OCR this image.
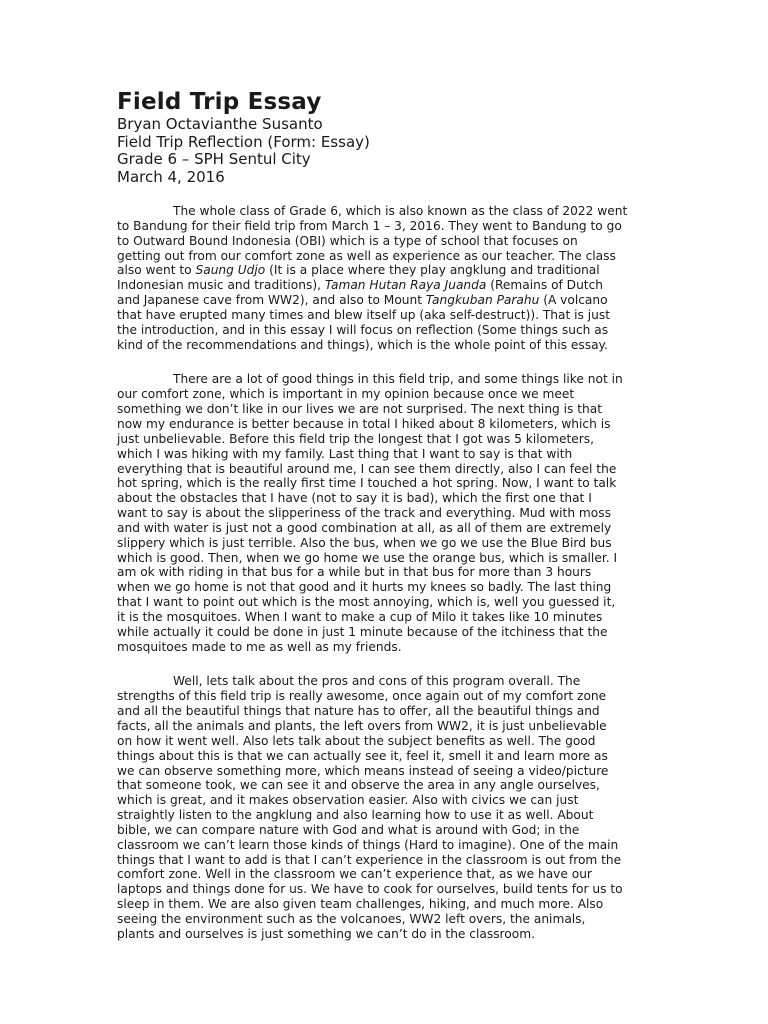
Field Trip Essay
Bryan Octavianthe Susanto
Field Trip Reflection (Form: Essay)
Grade 6 – SPH Sentul City
March 4, 2016
The whole class of Grade 6, which is also known as the class of 2022 went
to Bandung for their field trip from March 1 – 3, 2016. They went to Bandung to go
to Outward Bound Indonesia (OBI) which is a type of school that focuses on
getting out from our comfort zone as well as experience as our teacher. The class
also went to Saung Udjo (It is a place where they play angklung and traditional
Indonesian music and traditions), Taman Hutan Raya Juanda (Remains of Dutch
and Japanese cave from WW2), and also to Mount Tangkuban Parahu (A volcano
that have erupted many times and blew itself up (aka self-destruct)). That is just
the introduction, and in this essay I will focus on reflection (Some things such as
kind of the recommendations and things), which is the whole point of this essay.
There are a lot of good things in this field trip, and some things like not in
our comfort zone, which is important in my opinion because once we meet
something we don’t like in our lives we are not surprised. The next thing is that
now my endurance is better because in total I hiked about 8 kilometers, which is
just unbelievable. Before this field trip the longest that I got was 5 kilometers,
which I was hiking with my family. Last thing that I want to say is that with
everything that is beautiful around me, I can see them directly, also I can feel the
hot spring, which is the really first time I touched a hot spring. Now, I want to talk
about the obstacles that I have (not to say it is bad), which the first one that I
want to say is about the slipperiness of the track and everything. Mud with moss
and with water is just not a good combination at all, as all of them are extremely
slippery which is just terrible. Also the bus, when we go we use the Blue Bird bus
which is good. Then, when we go home we use the orange bus, which is smaller. I
am ok with riding in that bus for a while but in that bus for more than 3 hours
when we go home is not that good and it hurts my knees so badly. The last thing
that I want to point out which is the most annoying, which is, well you guessed it,
it is the mosquitoes. When I want to make a cup of Milo it takes like 10 minutes
while actually it could be done in just 1 minute because of the itchiness that the
mosquitoes made to me as well as my friends.
Well, lets talk about the pros and cons of this program overall. The
strengths of this field trip is really awesome, once again out of my comfort zone
and all the beautiful things that nature has to offer, all the beautiful things and
facts, all the animals and plants, the left overs from WW2, it is just unbelievable
on how it went well. Also lets talk about the subject benefits as well. The good
things about this is that we can actually see it, feel it, smell it and learn more as
we can observe something more, which means instead of seeing a video/picture
that someone took, we can see it and observe the area in any angle ourselves,
which is great, and it makes observation easier. Also with civics we can just
straightly listen to the angklung and also learning how to use it as well. About
bible, we can compare nature with God and what is around with God; in the
classroom we can’t learn those kinds of things (Hard to imagine). One of the main
things that I want to add is that I can’t experience in the classroom is out from the
comfort zone. Well in the classroom we can’t experience that, as we have our
laptops and things done for us. We have to cook for ourselves, build tents for us to
sleep in them. We are also given team challenges, hiking, and much more. Also
seeing the environment such as the volcanoes, WW2 left overs, the animals,
plants and ourselves is just something we can’t do in the classroom.
